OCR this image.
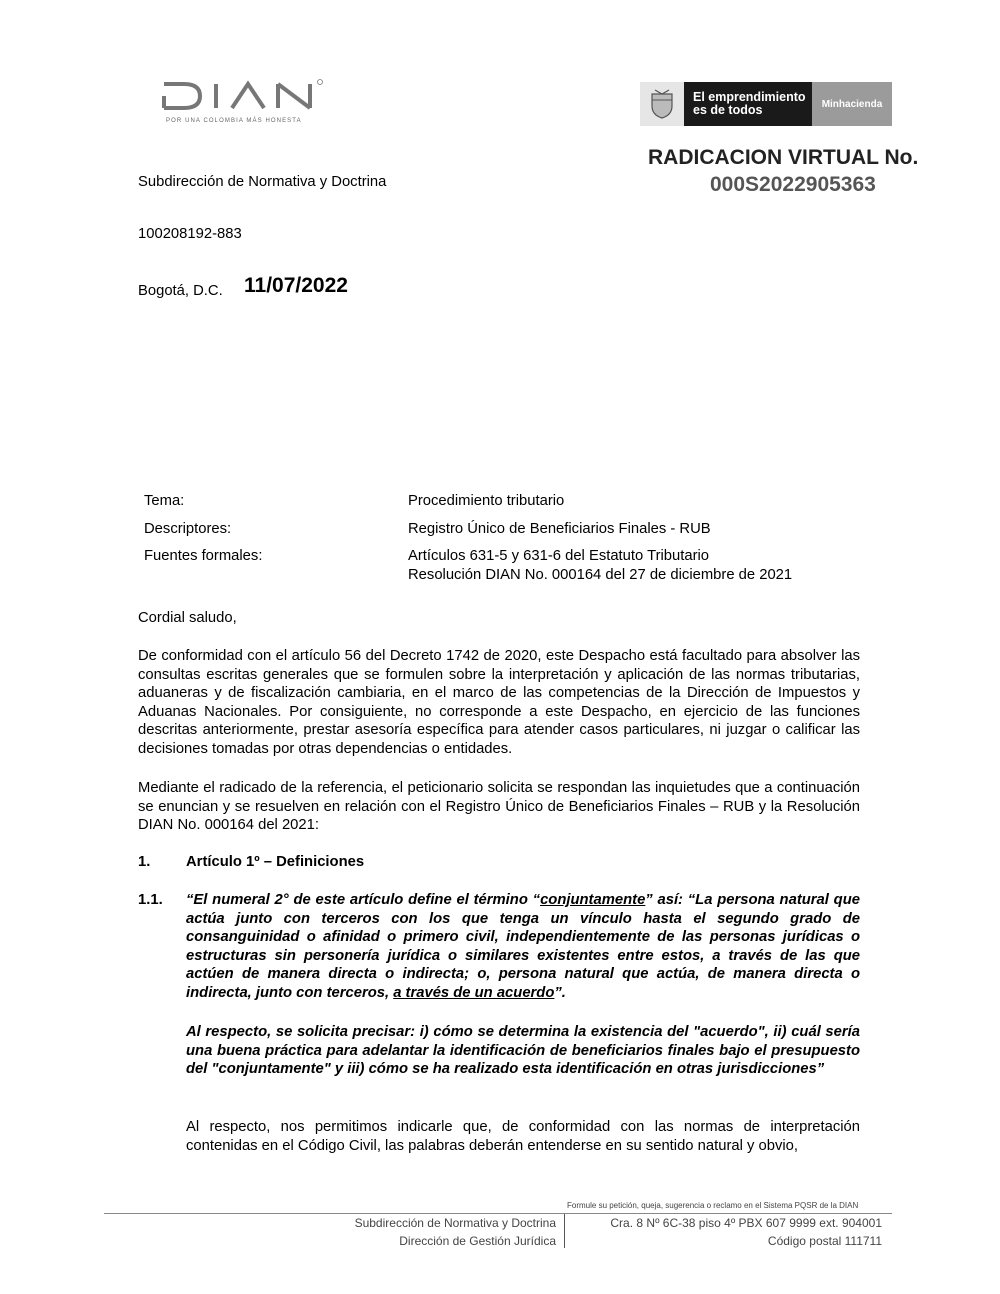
POR UNA COLOMBIA MÁS HONESTA
El emprendimiento
es de todos	Minhacienda
RADICACION VIRTUAL No.
000S2022905363
Subdirección de Normativa y Doctrina
100208192-883
Bogotá, D.C. 11/07/2022
Tema:	Procedimiento tributario
Descriptores:	Registro Único de Beneficiarios Finales - RUB
Fuentes formales:	Artículos 631-5 y 631-6 del Estatuto Tributario
Resolución DIAN No. 000164 del 27 de diciembre de 2021
Cordial saludo,
De conformidad con el artículo 56 del Decreto 1742 de 2020, este Despacho está facultado para absolver las consultas escritas generales que se formulen sobre la interpretación y aplicación de las normas tributarias, aduaneras y de fiscalización cambiaria, en el marco de las competencias de la Dirección de Impuestos y Aduanas Nacionales. Por consiguiente, no corresponde a este Despacho, en ejercicio de las funciones descritas anteriormente, prestar asesoría específica para atender casos particulares, ni juzgar o calificar las decisiones tomadas por otras dependencias o entidades.
Mediante el radicado de la referencia, el peticionario solicita se respondan las inquietudes que a continuación se enuncian y se resuelven en relación con el Registro Único de Beneficiarios Finales – RUB y la Resolución DIAN No. 000164 del 2021:
1.	Artículo 1º – Definiciones
1.1.	“El numeral 2° de este artículo define el término “conjuntamente” así: “La persona natural que actúa junto con terceros con los que tenga un vínculo hasta el segundo grado de consanguinidad o afinidad o primero civil, independientemente de las personas jurídicas o estructuras sin personería jurídica o similares existentes entre estos, a través de las que actúen de manera directa o indirecta; o, persona natural que actúa, de manera directa o indirecta, junto con terceros, a través de un acuerdo”.
Al respecto, se solicita precisar: i) cómo se determina la existencia del "acuerdo", ii) cuál sería una buena práctica para adelantar la identificación de beneficiarios finales bajo el presupuesto del "conjuntamente" y iii) cómo se ha realizado esta identificación en otras jurisdicciones”
Al respecto, nos permitimos indicarle que, de conformidad con las normas de interpretación contenidas en el Código Civil, las palabras deberán entenderse en su sentido natural y obvio,
Formule su petición, queja, sugerencia o reclamo en el Sistema PQSR de la DIAN
Subdirección de Normativa y Doctrina
Dirección de Gestión Jurídica
Cra. 8 Nº 6C-38 piso 4º PBX 607 9999 ext. 904001
Código postal 111711
